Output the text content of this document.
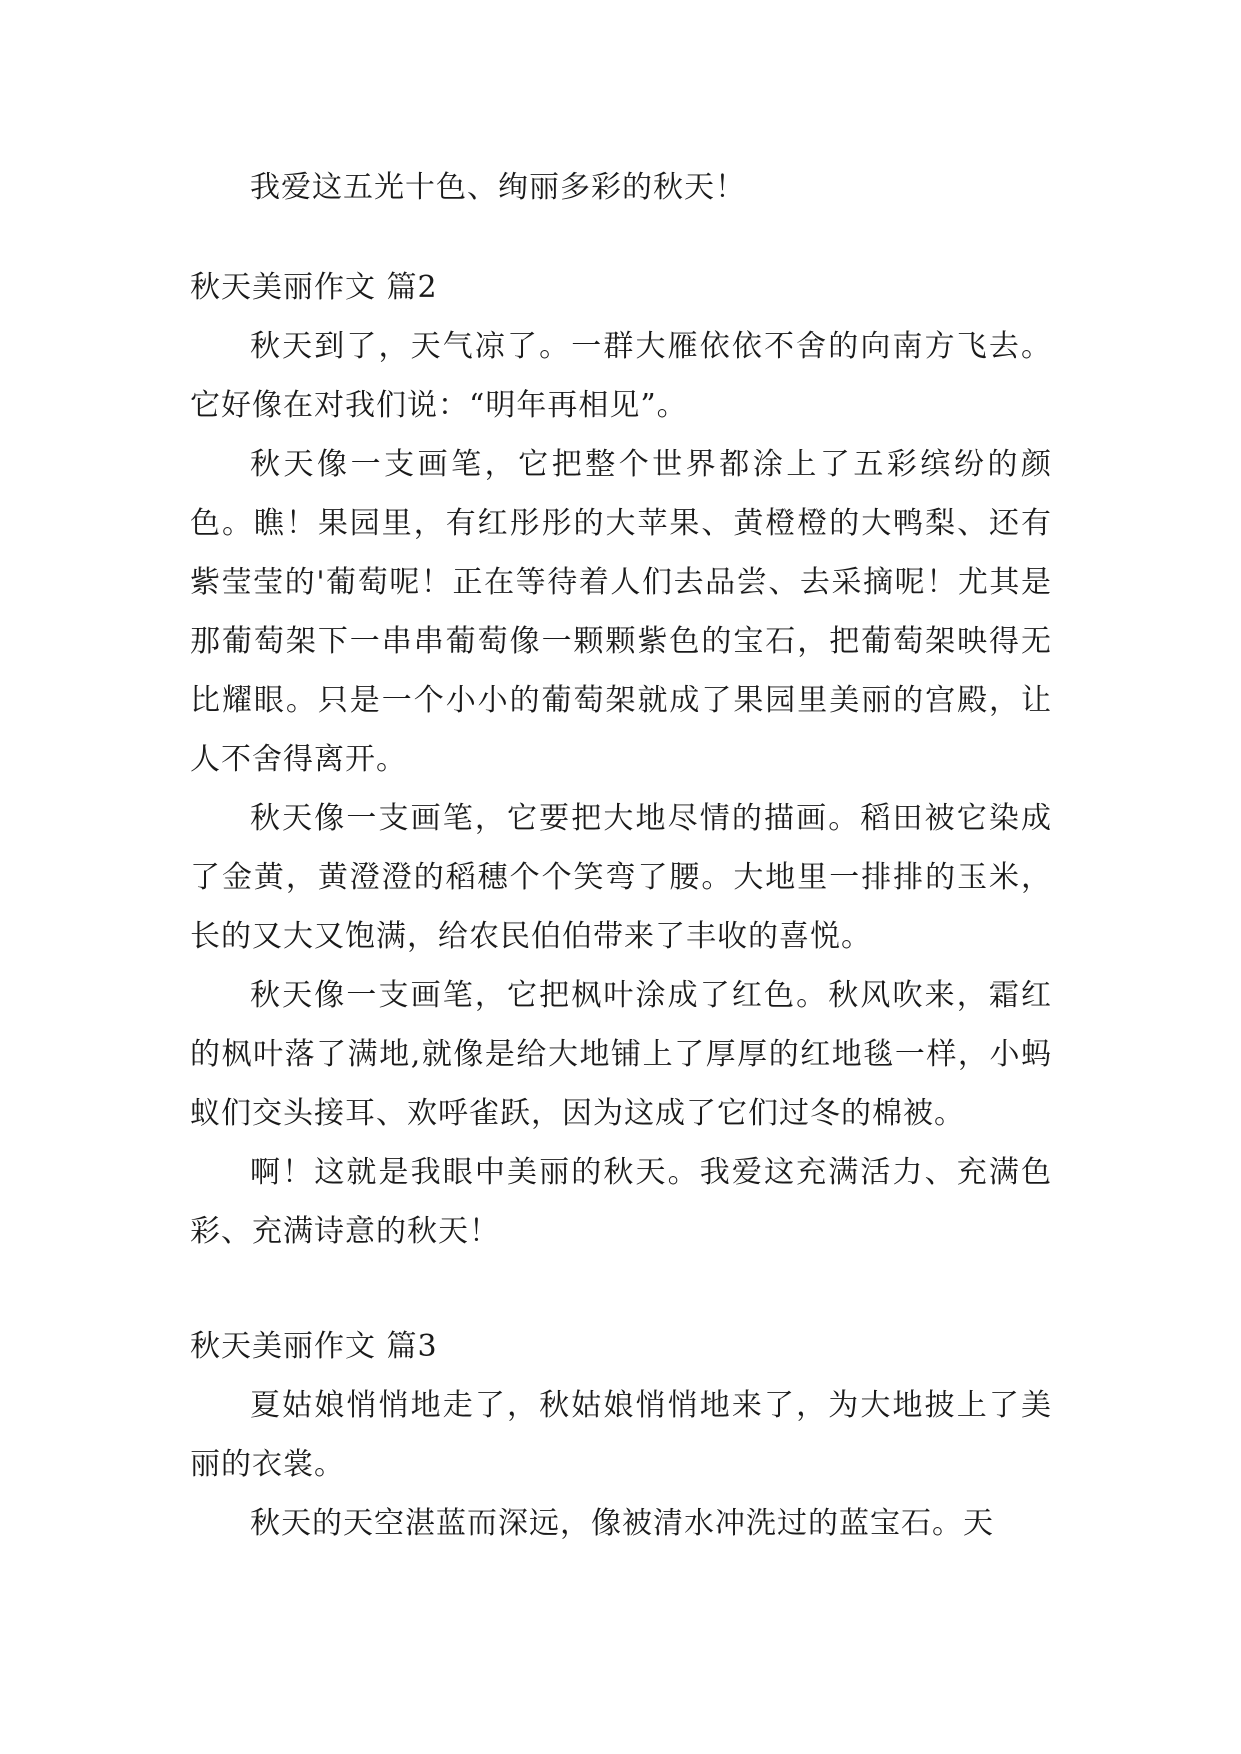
我爱这五光十色、绚丽多彩的秋天！

秋天美丽作文 篇2

秋天到了，天气凉了。一群大雁依依不舍的向南方飞去。它好像在对我们说：“明年再相见”。

秋天像一支画笔，它把整个世界都涂上了五彩缤纷的颜色。瞧！果园里，有红彤彤的大苹果、黄橙橙的大鸭梨、还有紫莹莹的'葡萄呢！正在等待着人们去品尝、去采摘呢！尤其是那葡萄架下一串串葡萄像一颗颗紫色的宝石，把葡萄架映得无比耀眼。只是一个小小的葡萄架就成了果园里美丽的宫殿，让人不舍得离开。

秋天像一支画笔，它要把大地尽情的描画。稻田被它染成了金黄，黄澄澄的稻穗个个笑弯了腰。大地里一排排的玉米，长的又大又饱满，给农民伯伯带来了丰收的喜悦。

秋天像一支画笔，它把枫叶涂成了红色。秋风吹来，霜红的枫叶落了满地,就像是给大地铺上了厚厚的红地毯一样，小蚂蚁们交头接耳、欢呼雀跃，因为这成了它们过冬的棉被。

啊！这就是我眼中美丽的秋天。我爱这充满活力、充满色彩、充满诗意的秋天！

秋天美丽作文 篇3

夏姑娘悄悄地走了，秋姑娘悄悄地来了，为大地披上了美丽的衣裳。

秋天的天空湛蓝而深远，像被清水冲洗过的蓝宝石。天
